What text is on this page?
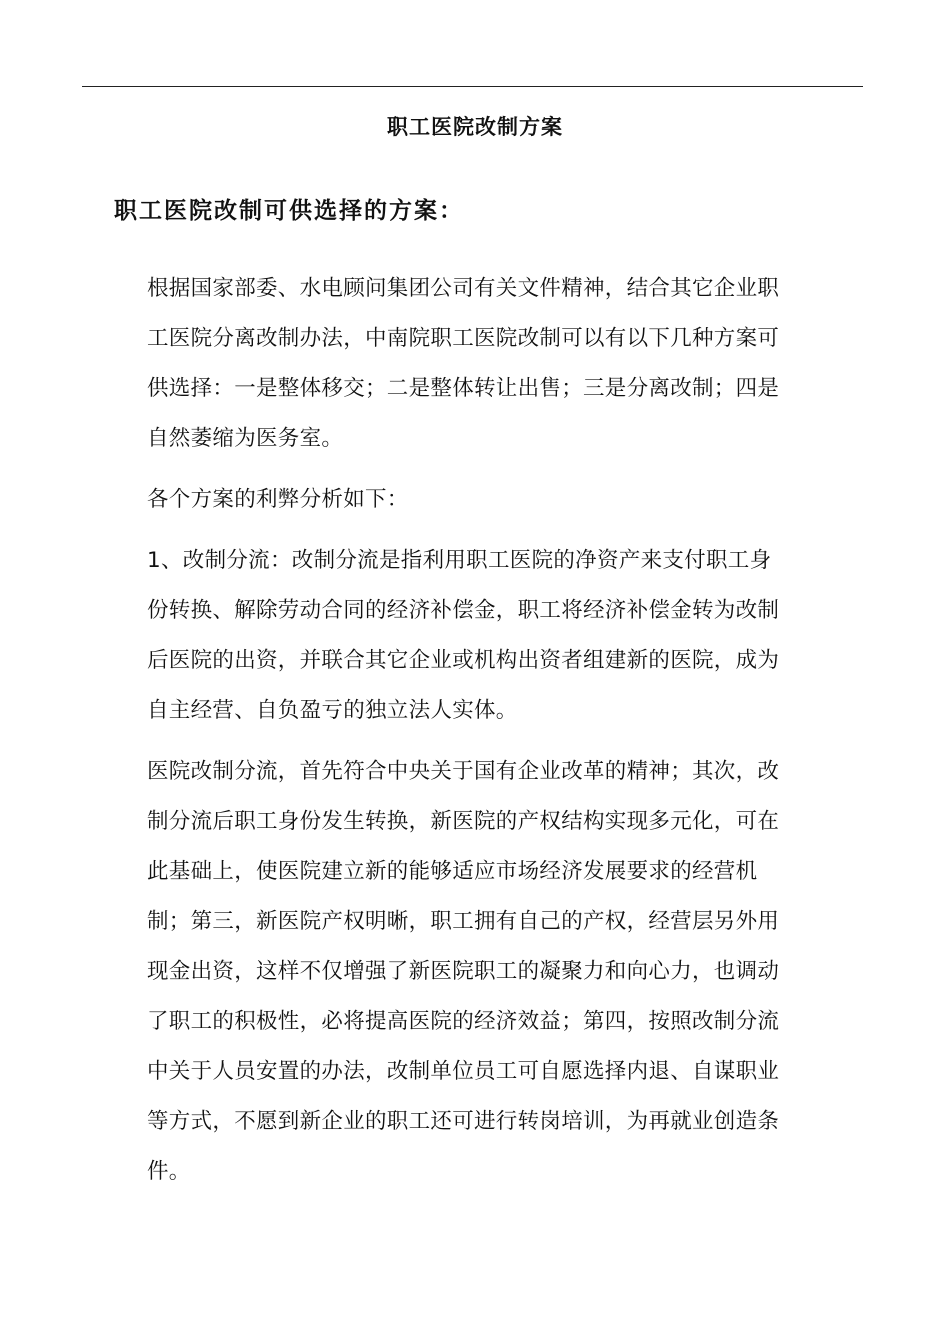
职工医院改制方案
职工医院改制可供选择的方案：

根据国家部委、水电顾问集团公司有关文件精神，结合其它企业职
工医院分离改制办法，中南院职工医院改制可以有以下几种方案可
供选择：一是整体移交；二是整体转让出售；三是分离改制；四是
自然萎缩为医务室。

各个方案的利弊分析如下：

1、改制分流：改制分流是指利用职工医院的净资产来支付职工身
份转换、解除劳动合同的经济补偿金，职工将经济补偿金转为改制
后医院的出资，并联合其它企业或机构出资者组建新的医院，成为
自主经营、自负盈亏的独立法人实体。

医院改制分流，首先符合中央关于国有企业改革的精神；其次，改
制分流后职工身份发生转换，新医院的产权结构实现多元化，可在
此基础上，使医院建立新的能够适应市场经济发展要求的经营机
制；第三，新医院产权明晰，职工拥有自己的产权，经营层另外用
现金出资，这样不仅增强了新医院职工的凝聚力和向心力，也调动
了职工的积极性，必将提高医院的经济效益；第四，按照改制分流
中关于人员安置的办法，改制单位员工可自愿选择内退、自谋职业
等方式，不愿到新企业的职工还可进行转岗培训，为再就业创造条
件。
